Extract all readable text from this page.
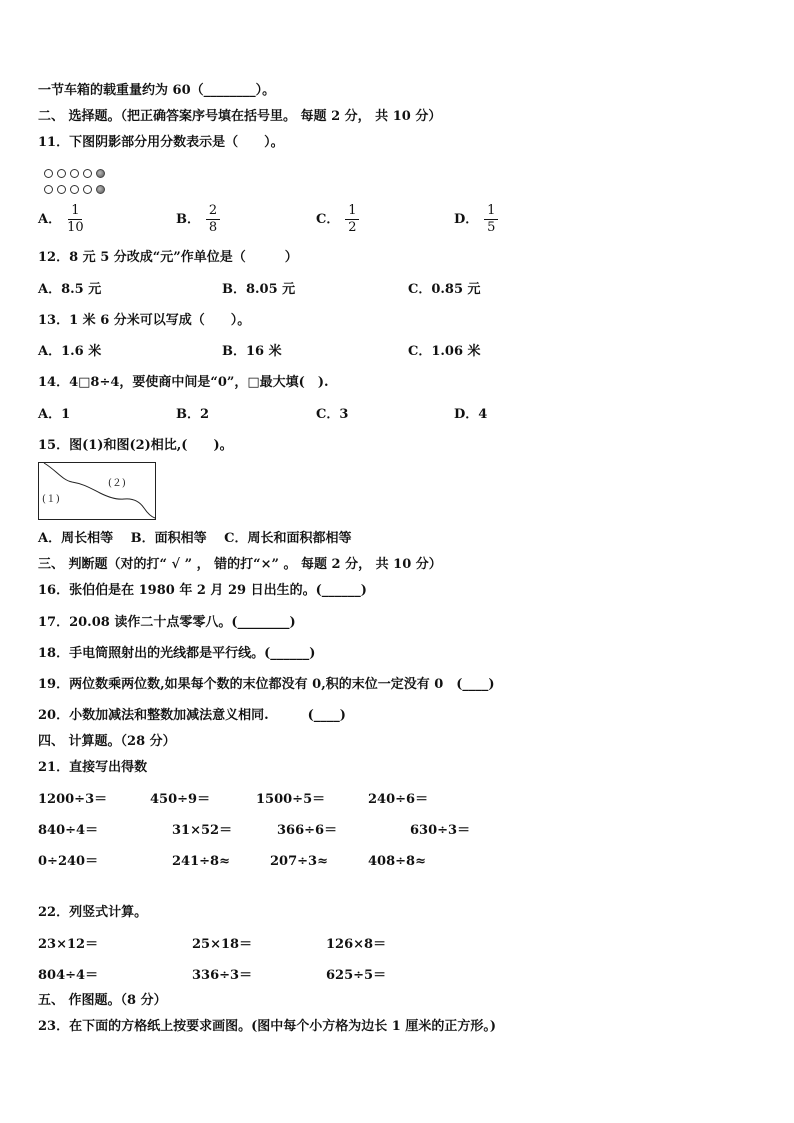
一节车箱的载重量约为 60（________）。
二、 选择题。（把正确答案序号填在括号里。 每题 2 分， 共 10 分）
11．下图阴影部分用分数表示是（　　）。
A． $\frac{1}{10}$	B． $\frac{2}{8}$	C． $\frac{1}{2}$	D． $\frac{1}{5}$
12．8 元 5 分改成“元”作单位是（　　　）
A．8.5 元	B．8.05 元	C．0.85 元
13．1 米 6 分米可以写成（　　）。
A．1.6 米	B．16 米	C．1.06 米
14．4□8÷4，要使商中间是“0”，□最大填(　).
A．1	B．2	C．3	D．4
15．图(1)和图(2)相比,(　　)。
(１)
(２)
A．周长相等　 B．面积相等　 C．周长和面积都相等
三、 判断题（对的打“ √ ” ， 错的打“×” 。 每题 2 分， 共 10 分）
16．张伯伯是在 1980 年 2 月 29 日出生的。(______)
17．20.08 读作二十点零零八。(________)
18．手电筒照射出的光线都是平行线。(______)
19．两位数乘两位数,如果每个数的末位都没有 0,积的末位一定没有 0　(____)
20．小数加减法和整数加减法意义相同.　　　(____)
四、 计算题。（28 分）
21．直接写出得数
1200÷3＝	450÷9＝	1500÷5＝	240÷6＝
840÷4＝	31×52＝	366÷6＝	630÷3＝
0÷240＝	241÷8≈	207÷3≈	408÷8≈
22．列竖式计算。
23×12＝	25×18＝	126×8＝
804÷4＝	336÷3＝	625÷5＝
五、 作图题。（8 分）
23．在下面的方格纸上按要求画图。(图中每个小方格为边长 1 厘米的正方形。)
